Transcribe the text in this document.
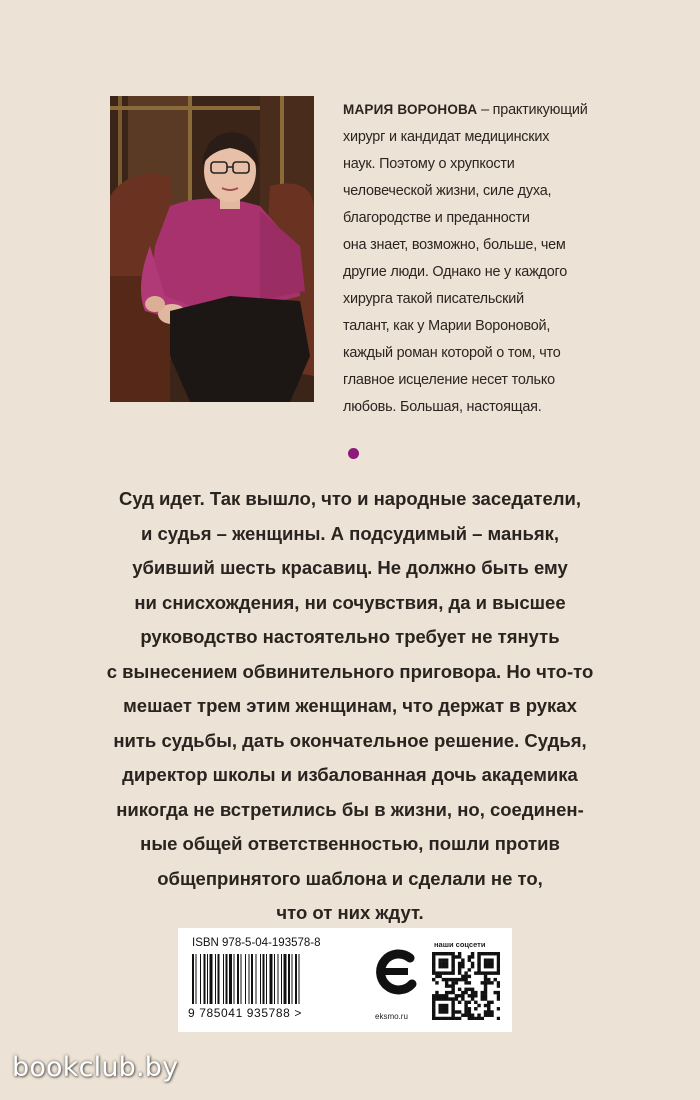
МАРИЯ ВОРОНОВА – практикующий
хирург и кандидат медицинских
наук. Поэтому о хрупкости
человеческой жизни, силе духа,
благородстве и преданности
она знает, возможно, больше, чем
другие люди. Однако не у каждого
хирурга такой писательский
талант, как у Марии Вороновой,
каждый роман которой о том, что
главное исцеление несет только
любовь. Большая, настоящая.

Суд идет. Так вышло, что и народные заседатели,
и судья – женщины. А подсудимый – маньяк,
убивший шесть красавиц. Не должно быть ему
ни снисхождения, ни сочувствия, да и высшее
руководство настоятельно требует не тянуть
с вынесением обвинительного приговора. Но что-то
мешает трем этим женщинам, что держат в руках
нить судьбы, дать окончательное решение. Судья,
директор школы и избалованная дочь академика
никогда не встретились бы в жизни, но, соединен-
ные общей ответственностью, пошли против
общепринятого шаблона и сделали не то,
что от них ждут.

ISBN 978-5-04-193578-8
9 785041 935788 >	eksmo.ru
наши соцсети
bookclub.by
